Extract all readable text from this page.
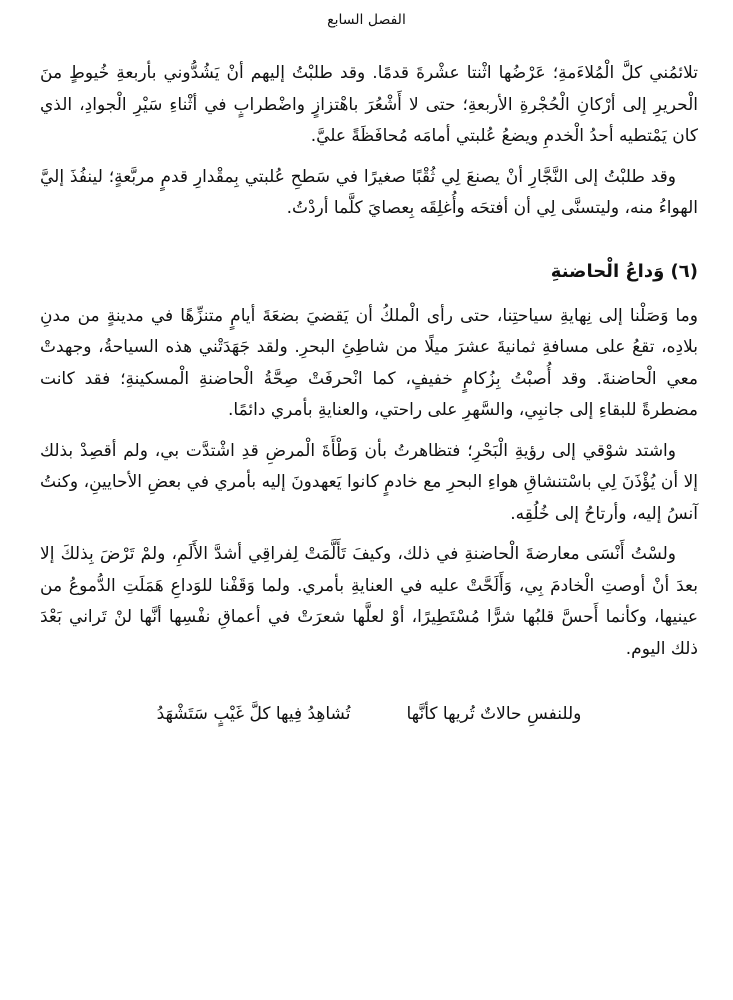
الفصل السابع

تلائمُني كلَّ الْمُلاءَمةِ؛ عَرْضُها اثْنتا عشْرةَ قدمًا. وقد طلبْتُ إليهم أنْ يَشُدُّوني بأربعةِ خُيوطٍ منَ الْحريرِ إلى أرْكانِ الْحُجْرةِ الأربعةِ؛ حتى لا أَشْعُرَ باهْتزازٍ واضْطرابٍ في أثْناءِ سَيْرِ الْجوادِ، الذي كان يَمْتطيه أحدُ الْخدمِ ويضعُ عُلبتي أمامَه مُحافَظَةً عليَّ.

وقد طلبْتُ إلى النَّجَّارِ أنْ يصنعَ لِي ثُقْبًا صغيرًا في سَطحِ عُلبتي بِمقْدارِ قدمٍ مربَّعةٍ؛ لينفُذَ إليَّ الهواءُ منه، وليتسنَّى لِي أن أفتحَه وأُغلِقَه بِعصايَ كلَّما أردْتُ.

(٦) وَداعُ الْحاضنةِ

وما وَصَلْنا إلى نِهايةِ سياحتِنا، حتى رأى الْملكُ أن يَقضيَ بضعَةَ أيامٍ متنزِّهًا في مدينةٍ من مدنِ بلادِه، تقعُ على مسافةِ ثمانيةَ عشرَ ميلًا من شاطِئِ البحرِ. ولقد جَهَدَتْني هذه السياحةُ، وجهدتْ معي الْحاضنةَ. وقد أُصبْتُ بِزُكامٍ خفيفٍ، كما انْحرفَتْ صِحَّةُ الْحاضنةِ الْمسكينةِ؛ فقد كانت مضطرةً للبقاءِ إلى جانبِي، والسَّهرِ على راحتي، والعنايةِ بأمري دائمًا.

واشتد شوْقي إلى رؤيةِ الْبَحْرِ؛ فتظاهرتُ بأن وَطْأَةَ الْمرضِ قدِ اشْتدَّت بي، ولم أقصِدْ بذلك إلا أن يُؤْذَنَ لِي باسْتنشاقِ هواءِ البحرِ مع خادمٍ كانوا يَعهدونَ إليه بأمري في بعضِ الأحايينِ، وكنتُ آنسُ إليه، وأرتاحُ إلى خُلُقِه.

ولسْتُ أَنْسَى معارضةَ الْحاضنةِ في ذلك، وكيفَ تَأَلَّمَتْ لِفراقِي أشدَّ الأَلَمِ، ولمْ تَرْضَ بِذلكَ إلا بعدَ أنْ أوصتِ الْخادمَ بِي، وَأَلَحَّتْ عليه في العنايةِ بأمري. ولما وَقَفْنا للوَداعِ هَمَلَتِ الدُّموعُ من عينيها، وكأنما أَحسَّ قلبُها شرًّا مُسْتَطِيرًا، أوْ لعلَّها شعرَتْ في أعماقِ نفْسِها أنَّها لنْ تَراني بَعْدَ ذلك اليوم.

وللنفسِ حالاتٌ تُريها كأنَّها
تُشاهِدُ فِيها كلَّ غَيْبٍ سَتَشْهَدُ
